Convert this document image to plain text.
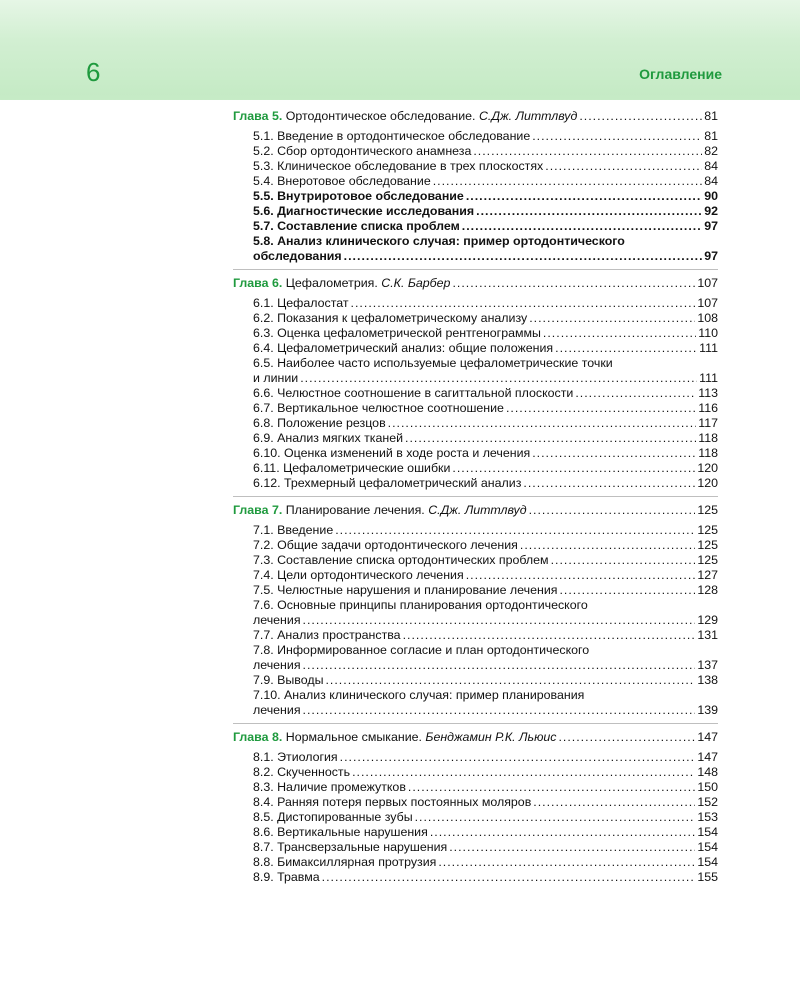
6	Оглавление
Глава 5. Ортодонтическое обследование. С.Дж. Литтлвуд .....	81
5.1. Введение в ортодонтическое обследование .....	81
5.2. Сбор ортодонтического анамнеза .....	82
5.3. Клиническое обследование в трех плоскостях .....	84
5.4. Внеротовое обследование .....	84
5.5. Внутриротовое обследование .....	90
5.6. Диагностические исследования .....	92
5.7. Составление списка проблем .....	97
5.8. Анализ клинического случая: пример ортодонтического
обследования .....	97
Глава 6. Цефалометрия. С.К. Барбер .....	107
6.1. Цефалостат .....	107
6.2. Показания к цефалометрическому анализу .....	108
6.3. Оценка цефалометрической рентгенограммы .....	110
6.4. Цефалометрический анализ: общие положения .....	111
6.5. Наиболее часто используемые цефалометрические точки
и линии .....	111
6.6. Челюстное соотношение в сагиттальной плоскости .....	113
6.7. Вертикальное челюстное соотношение .....	116
6.8. Положение резцов .....	117
6.9. Анализ мягких тканей .....	118
6.10. Оценка изменений в ходе роста и лечения .....	118
6.11. Цефалометрические ошибки .....	120
6.12. Трехмерный цефалометрический анализ .....	120
Глава 7. Планирование лечения. С.Дж. Литтлвуд .....	125
7.1. Введение .....	125
7.2. Общие задачи ортодонтического лечения .....	125
7.3. Составление списка ортодонтических проблем .....	125
7.4. Цели ортодонтического лечения .....	127
7.5. Челюстные нарушения и планирование лечения .....	128
7.6. Основные принципы планирования ортодонтического
лечения .....	129
7.7. Анализ пространства .....	131
7.8. Информированное согласие и план ортодонтического
лечения .....	137
7.9. Выводы .....	138
7.10. Анализ клинического случая: пример планирования
лечения .....	139
Глава 8. Нормальное смыкание. Бенджамин Р.К. Льюис .....	147
8.1. Этиология .....	147
8.2. Скученность .....	148
8.3. Наличие промежутков .....	150
8.4. Ранняя потеря первых постоянных моляров .....	152
8.5. Дистопированные зубы .....	153
8.6. Вертикальные нарушения .....	154
8.7. Трансверзальные нарушения .....	154
8.8. Бимаксиллярная протрузия .....	154
8.9. Травма .....	155
